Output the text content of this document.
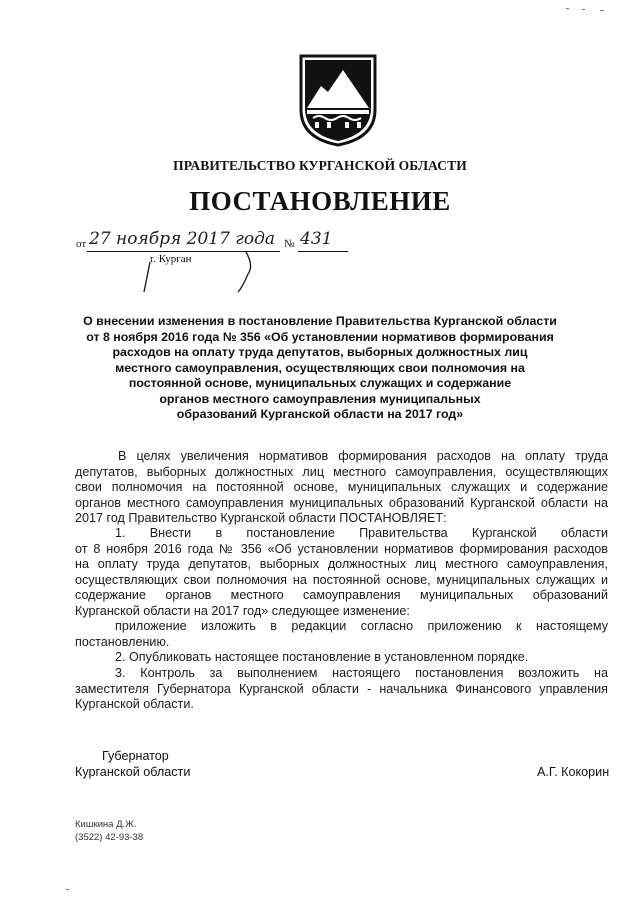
ПРАВИТЕЛЬСТВО КУРГАНСКОЙ ОБЛАСТИ
ПОСТАНОВЛЕНИЕ
от 27 ноября 2017 года № 431
г. Курган
О внесении изменения в постановление Правительства Курганской области
от 8 ноября 2016 года № 356 «Об установлении нормативов формирования
расходов на оплату труда депутатов, выборных должностных лиц
местного самоуправления, осуществляющих свои полномочия на
постоянной основе, муниципальных служащих и содержание
органов местного самоуправления муниципальных
образований Курганской области на 2017 год»
В целях увеличения нормативов формирования расходов на оплату труда
депутатов, выборных должностных лиц местного самоуправления, осуществляющих
свои полномочия на постоянной основе, муниципальных служащих и содержание
органов местного самоуправления муниципальных образований Курганской области на
2017 год Правительство Курганской области ПОСТАНОВЛЯЕТ:
1. Внести в постановление Правительства Курганской области
от 8 ноября 2016 года № 356 «Об установлении нормативов формирования расходов
на оплату труда депутатов, выборных должностных лиц местного самоуправления,
осуществляющих свои полномочия на постоянной основе, муниципальных служащих и
содержание органов местного самоуправления муниципальных образований
Курганской области на 2017 год» следующее изменение:
приложение изложить в редакции согласно приложению к настоящему
постановлению.
2. Опубликовать настоящее постановление в установленном порядке.
3. Контроль за выполнением настоящего постановления возложить на
заместителя Губернатора Курганской области - начальника Финансового управления
Курганской области.
Губернатор
Курганской области	А.Г. Кокорин
Кишкина Д.Ж.
(3522) 42-93-38
